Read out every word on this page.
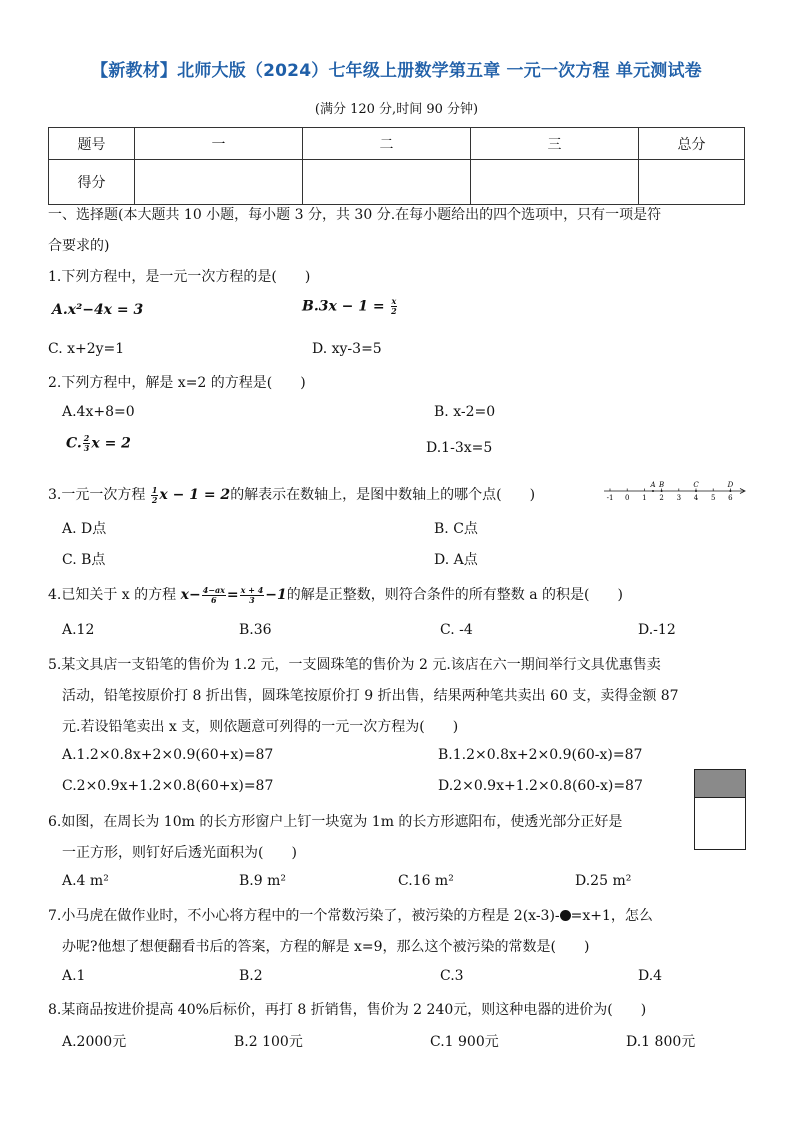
【新教材】北师大版（2024）七年级上册数学第五章 一元一次方程 单元测试卷
(满分 120 分,时间 90 分钟)
题号	一	二	三	总分
得分				
一、选择题(本大题共 10 小题，每小题 3 分，共 30 分.在每小题给出的四个选项中，只有一项是符
合要求的)
1.下列方程中，是一元一次方程的是(　　)
A.x²−4x = 3	$B.3x - 1 = \frac{x}{2}$
C. x+2y=1	D. xy-3=5
2.下列方程中，解是 x=2 的方程是(　　)
A.4x+8=0	B. x-2=0
C. $\frac{2}{3}$ x = 2	D.1-3x=5
3.一元一次方程 $\frac{1}{2}$ x − 1 = 2的解表示在数轴上，是图中数轴上的哪个点(　　)	-1 0 1 2 3 4 5 6
A B	C	D
A. D点	B. C点
C. B点	D. A点
4.已知关于 x 的方程 $x- \frac{4-ax}{6} = \frac{x + 4}{3} -1$的解是正整数，则符合条件的所有整数 a 的积是(　　)
A.12	B.36	C. -4	D.-12
5.某文具店一支铅笔的售价为 1.2 元，一支圆珠笔的售价为 2 元.该店在六一期间举行文具优惠售卖
活动，铅笔按原价打 8 折出售，圆珠笔按原价打 9 折出售，结果两种笔共卖出 60 支，卖得金额 87
元.若设铅笔卖出 x 支，则依题意可列得的一元一次方程为(　　)
A.1.2×0.8x+2×0.9(60+x)=87	B.1.2×0.8x+2×0.9(60-x)=87
C.2×0.9x+1.2×0.8(60+x)=87	D.2×0.9x+1.2×0.8(60-x)=87
6.如图，在周长为 10m 的长方形窗户上钉一块宽为 1m 的长方形遮阳布，使透光部分正好是
一正方形，则钉好后透光面积为(　　)
A.4 m²	B.9 m²	C.16 m²	D.25 m²
7.小马虎在做作业时，不小心将方程中的一个常数污染了，被污染的方程是 2(x-3)- =x+1，怎么
办呢?他想了想便翻看书后的答案，方程的解是 x=9，那么这个被污染的常数是(　　)
A.1	B.2	C.3	D.4
8.某商品按进价提高 40%后标价，再打 8 折销售，售价为 2 240元，则这种电器的进价为(　　)
A.2000元	B.2 100元	C.1 900元	D.1 800元
